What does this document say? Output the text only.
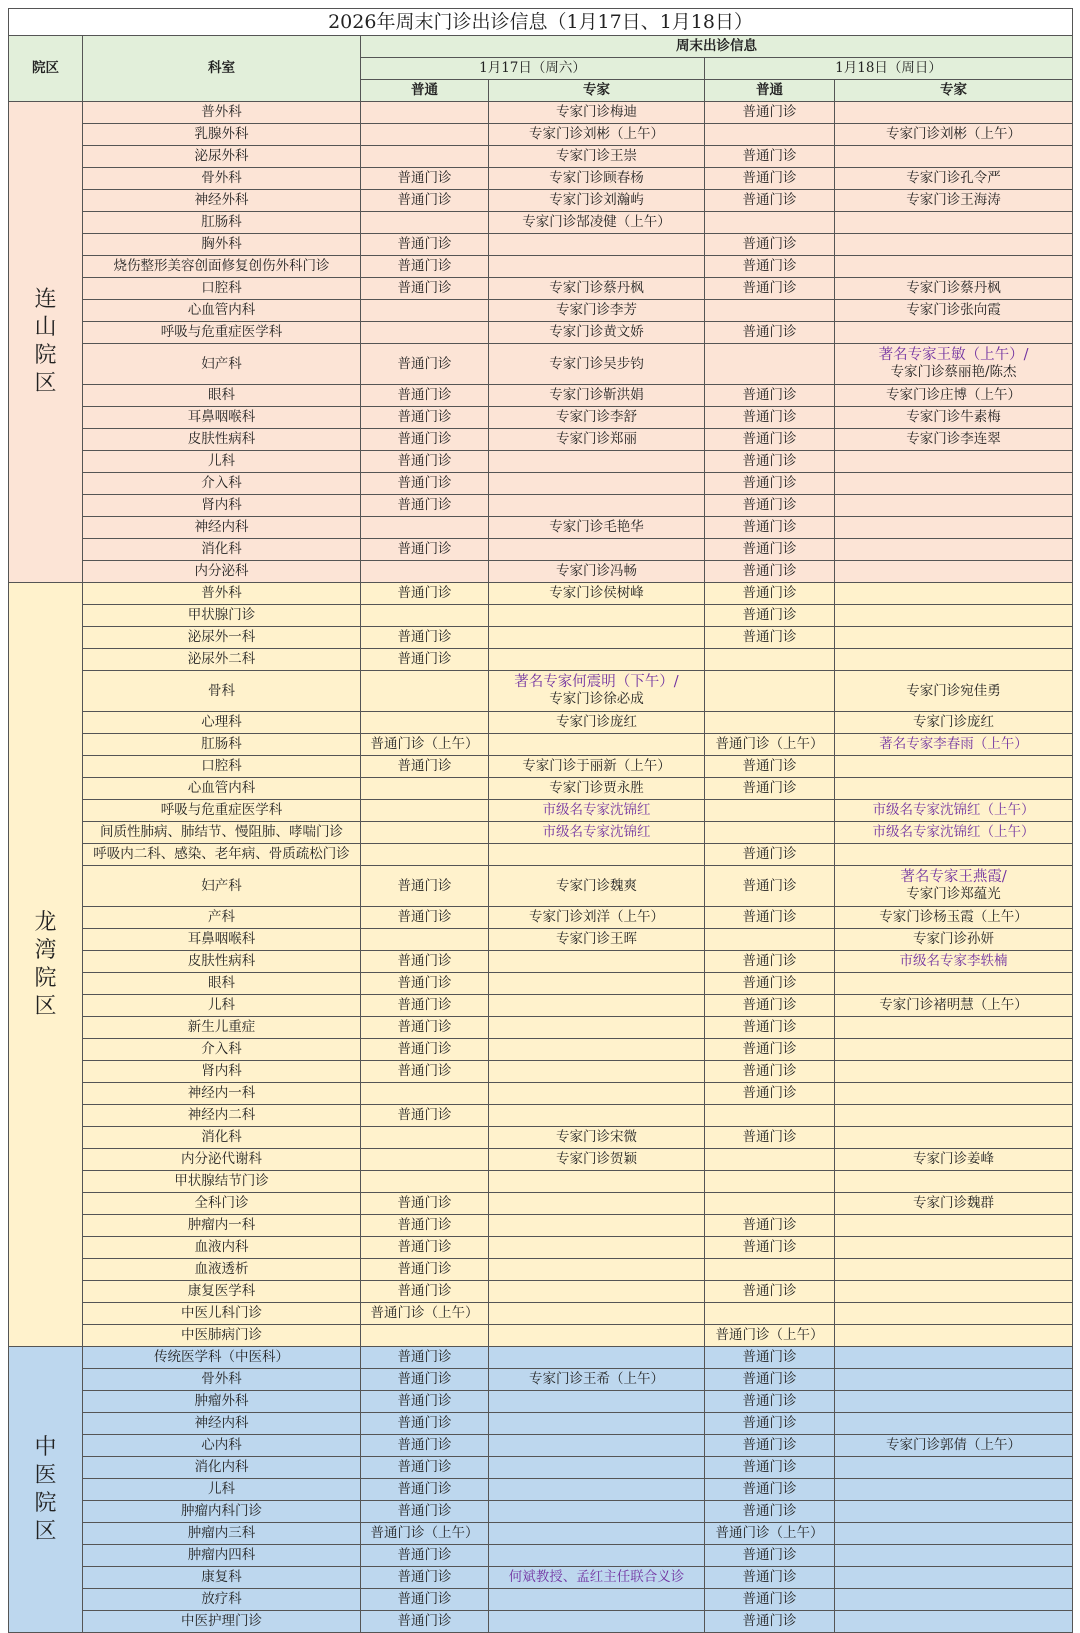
2026年周末门诊出诊信息（1月17日、1月18日）					
院区	科室	周末出诊信息			
		1月17日（周六）		1月18日（周日）	
		普通	专家	普通	专家
连山院区	普外科		专家门诊梅迪	普通门诊	
	乳腺外科		专家门诊刘彬（上午）		专家门诊刘彬（上午）
	泌尿外科		专家门诊王崇	普通门诊	
	骨外科	普通门诊	专家门诊顾春杨	普通门诊	专家门诊孔令严
	神经外科	普通门诊	专家门诊刘瀚屿	普通门诊	专家门诊王海涛
	肛肠科		专家门诊郜凌健（上午）		
	胸外科	普通门诊		普通门诊	
	烧伤整形美容创面修复创伤外科门诊	普通门诊		普通门诊	
	口腔科	普通门诊	专家门诊蔡丹枫	普通门诊	专家门诊蔡丹枫
	心血管内科		专家门诊李芳		专家门诊张向霞
	呼吸与危重症医学科		专家门诊黄文娇	普通门诊	
	妇产科	普通门诊	专家门诊吴步钧		著名专家王敏（上午）/
专家门诊蔡丽艳/陈杰

	眼科	普通门诊	专家门诊靳洪娟	普通门诊	专家门诊庄博（上午）
	耳鼻咽喉科	普通门诊	专家门诊李舒	普通门诊	专家门诊牛素梅
	皮肤性病科	普通门诊	专家门诊郑丽	普通门诊	专家门诊李连翠
	儿科	普通门诊		普通门诊	
	介入科	普通门诊		普通门诊	
	肾内科	普通门诊		普通门诊	
	神经内科		专家门诊毛艳华	普通门诊	
	消化科	普通门诊		普通门诊	
	内分泌科		专家门诊冯畅	普通门诊	
龙湾院区	普外科	普通门诊	专家门诊侯树峰	普通门诊	
	甲状腺门诊			普通门诊	
	泌尿外一科	普通门诊		普通门诊	
	泌尿外二科	普通门诊			
	骨科		著名专家何震明（下午）/
专家门诊徐必成		专家门诊宛佳勇
	心理科		专家门诊庞红		专家门诊庞红
	肛肠科	普通门诊（上午）		普通门诊（上午）	著名专家李春雨（上午）
	口腔科	普通门诊	专家门诊于丽新（上午）	普通门诊	
	心血管内科		专家门诊贾永胜	普通门诊	
	呼吸与危重症医学科		市级名专家沈锦红		市级名专家沈锦红（上午）
	间质性肺病、肺结节、慢阻肺、哮喘门诊		市级名专家沈锦红		市级名专家沈锦红（上午）
	呼吸内二科、感染、老年病、骨质疏松门诊			普通门诊	
	妇产科	普通门诊	专家门诊魏爽	普通门诊	著名专家王燕霞/
专家门诊郑蕴光

	产科	普通门诊	专家门诊刘洋（上午）	普通门诊	专家门诊杨玉霞（上午）
	耳鼻咽喉科		专家门诊王晖		专家门诊孙妍
	皮肤性病科	普通门诊		普通门诊	市级名专家李轶楠
	眼科	普通门诊		普通门诊	
	儿科	普通门诊		普通门诊	专家门诊褚明慧（上午）
	新生儿重症	普通门诊		普通门诊	
	介入科	普通门诊		普通门诊	
	肾内科	普通门诊		普通门诊	
	神经内一科			普通门诊	
	神经内二科	普通门诊			
	消化科		专家门诊宋微	普通门诊	
	内分泌代谢科		专家门诊贺颖		专家门诊姜峰
	甲状腺结节门诊				
	全科门诊	普通门诊			专家门诊魏群
	肿瘤内一科	普通门诊		普通门诊	
	血液内科	普通门诊		普通门诊	
	血液透析	普通门诊			
	康复医学科	普通门诊		普通门诊	
	中医儿科门诊	普通门诊（上午）			
	中医肺病门诊			普通门诊（上午）	
中医院区	传统医学科（中医科）	普通门诊		普通门诊	
	骨外科	普通门诊	专家门诊王希（上午）	普通门诊	
	肿瘤外科	普通门诊		普通门诊	
	神经内科	普通门诊		普通门诊	
	心内科	普通门诊		普通门诊	专家门诊郭倩（上午）
	消化内科	普通门诊		普通门诊	
	儿科	普通门诊		普通门诊	
	肿瘤内科门诊	普通门诊		普通门诊	
	肿瘤内三科	普通门诊（上午）		普通门诊（上午）	
	肿瘤内四科	普通门诊		普通门诊	
	康复科	普通门诊	何斌教授、孟红主任联合义诊	普通门诊	
	放疗科	普通门诊		普通门诊	
	中医护理门诊	普通门诊		普通门诊	
